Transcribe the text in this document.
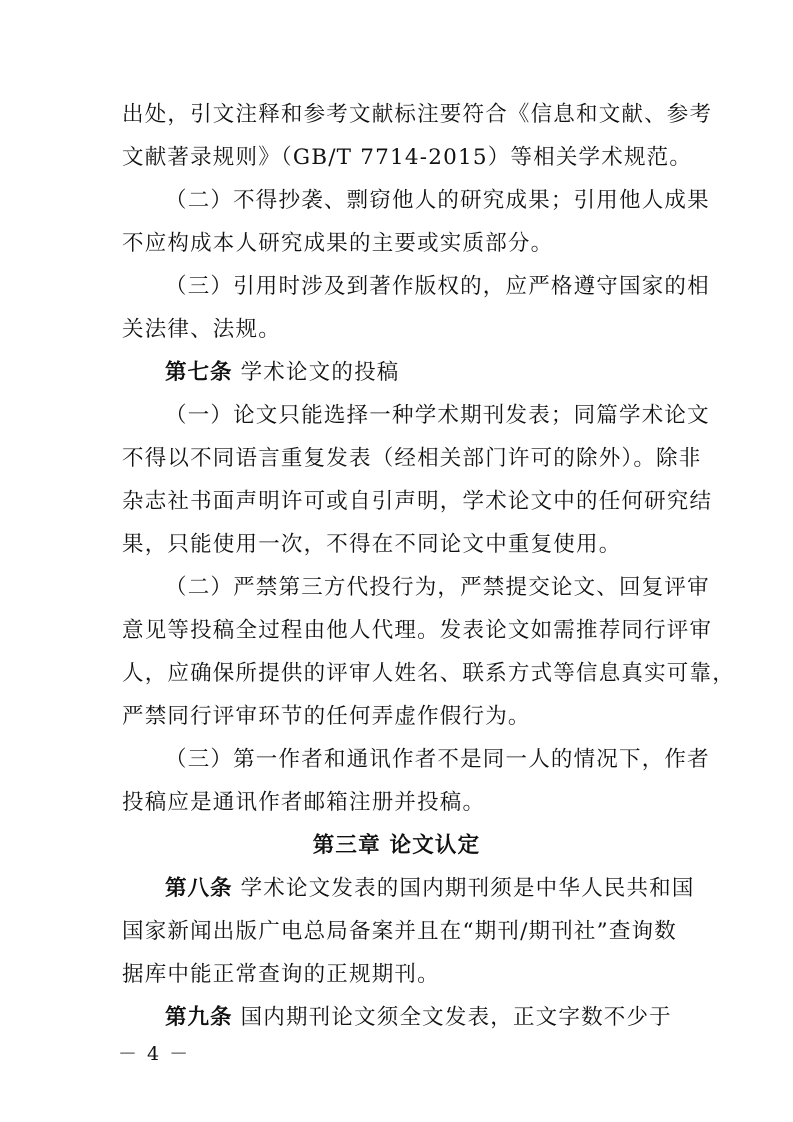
出处，引文注释和参考文献标注要符合《信息和文献、参考
文献著录规则》（GB/T 7714-2015）等相关学术规范。
（二）不得抄袭、剽窃他人的研究成果；引用他人成果
不应构成本人研究成果的主要或实质部分。
（三）引用时涉及到著作版权的，应严格遵守国家的相
关法律、法规。
第七条 学术论文的投稿
（一）论文只能选择一种学术期刊发表；同篇学术论文
不得以不同语言重复发表（经相关部门许可的除外）。除非
杂志社书面声明许可或自引声明，学术论文中的任何研究结
果，只能使用一次，不得在不同论文中重复使用。
（二）严禁第三方代投行为，严禁提交论文、回复评审
意见等投稿全过程由他人代理。发表论文如需推荐同行评审
人，应确保所提供的评审人姓名、联系方式等信息真实可靠，
严禁同行评审环节的任何弄虚作假行为。
（三）第一作者和通讯作者不是同一人的情况下，作者
投稿应是通讯作者邮箱注册并投稿。
第三章 论文认定
第八条 学术论文发表的国内期刊须是中华人民共和国
国家新闻出版广电总局备案并且在“期刊/期刊社”查询数
据库中能正常查询的正规期刊。
第九条 国内期刊论文须全文发表，正文字数不少于
－ 4 －
